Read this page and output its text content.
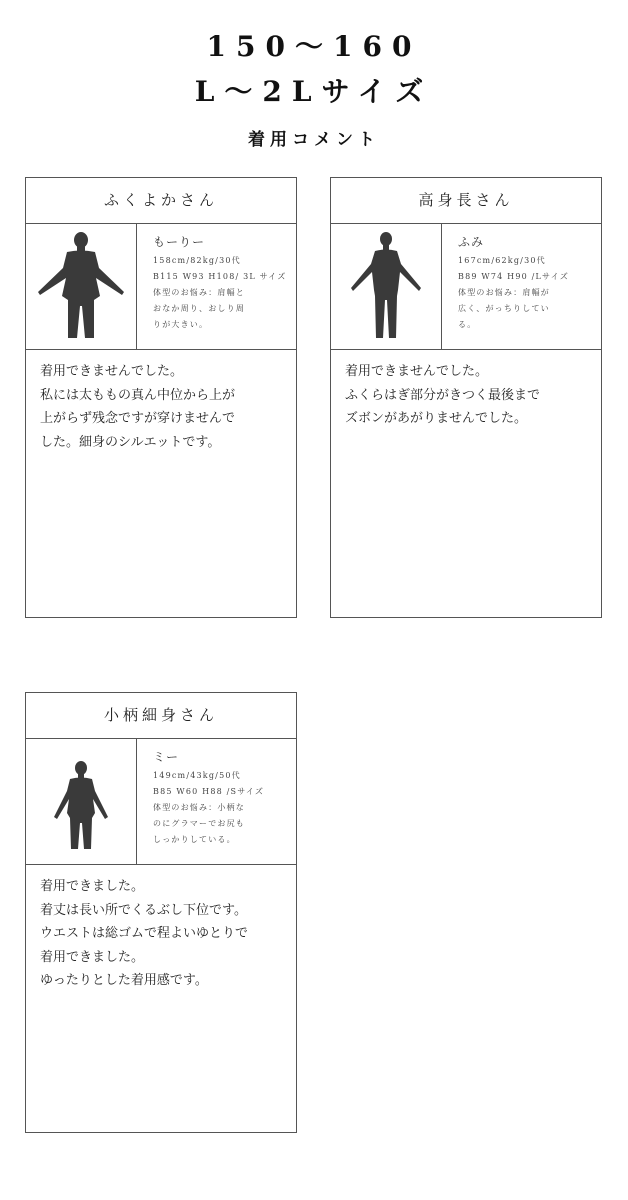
150～160
L～2Lサイズ
着用コメント
ふくよかさん
もーりー
158cm/82kg/30代
B115 W93 H108/ 3L サイズ
体型のお悩み：肩幅と
おなか周り、おしり周
りが大きい。
着用できませんでした。
私には太ももの真ん中位から上が
上がらず残念ですが穿けませんで
した。細身のシルエットです。
高身長さん
ふみ
167cm/62kg/30代
B89 W74 H90 /Lサイズ
体型のお悩み：肩幅が
広く、がっちりしてい
る。
着用できませんでした。
ふくらはぎ部分がきつく最後まで
ズボンがあがりませんでした。
小柄細身さん
ミー
149cm/43kg/50代
B85 W60 H88 /Sサイズ
体型のお悩み：小柄な
のにグラマーでお尻も
しっかりしている。
着用できました。
着丈は長い所でくるぶし下位です。
ウエストは総ゴムで程よいゆとりで
着用できました。
ゆったりとした着用感です。
